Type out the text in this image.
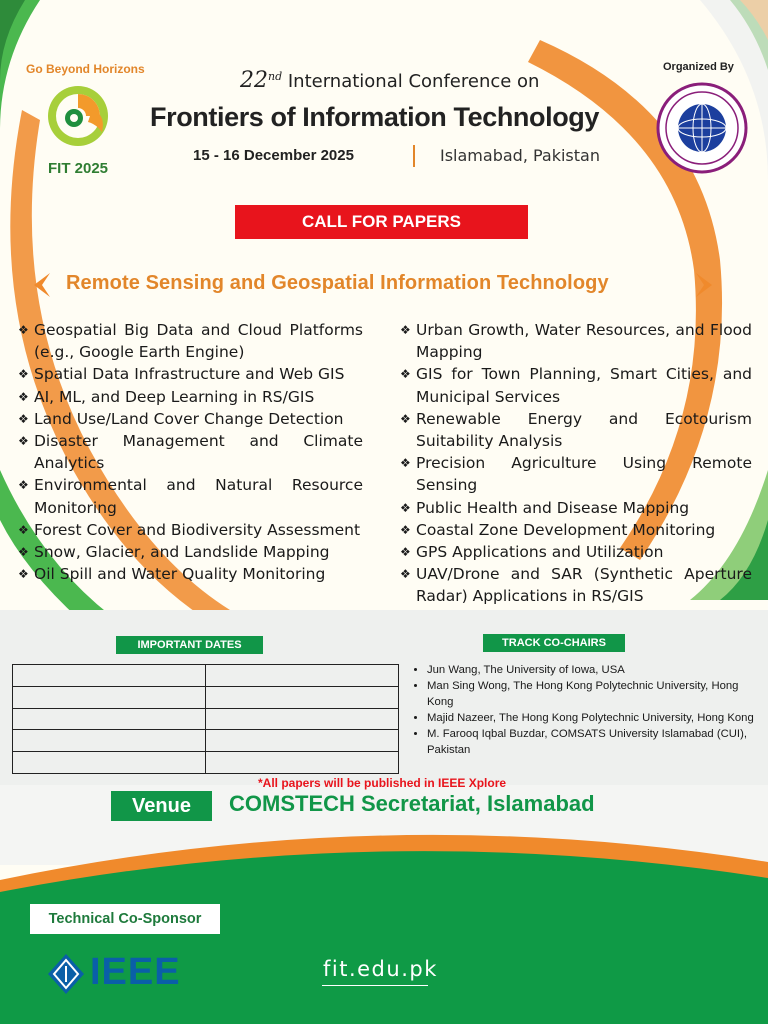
Go Beyond Horizons
FIT 2025
22nd International Conference on
Frontiers of Information Technology
15 - 16 December 2025	Islamabad, Pakistan
Organized By
CALL FOR PAPERS
Remote Sensing and Geospatial Information Technology
❖ Geospatial Big Data and Cloud Platforms (e.g., Google Earth Engine)
❖ Spatial Data Infrastructure and Web GIS
❖ AI, ML, and Deep Learning in RS/GIS
❖ Land Use/Land Cover Change Detection
❖ Disaster Management and Climate Analytics
❖ Environmental and Natural Resource Monitoring
❖ Forest Cover and Biodiversity Assessment
❖ Snow, Glacier, and Landslide Mapping
❖ Oil Spill and Water Quality Monitoring
❖ Urban Growth, Water Resources, and Flood Mapping
❖ GIS for Town Planning, Smart Cities, and Municipal Services
❖ Renewable Energy and Ecotourism Suitability Analysis
❖ Precision Agriculture Using Remote Sensing
❖ Public Health and Disease Mapping
❖ Coastal Zone Development Monitoring
❖ GPS Applications and Utilization
❖ UAV/Drone and SAR (Synthetic Aperture Radar) Applications in RS/GIS
IMPORTANT DATES	TRACK CO-CHAIRS

• Jun Wang, The University of Iowa, USA
• Man Sing Wong, The Hong Kong Polytechnic University, Hong Kong
• Majid Nazeer, The Hong Kong Polytechnic University, Hong Kong
• M. Farooq Iqbal Buzdar, COMSATS University Islamabad (CUI), Pakistan
*All papers will be published in IEEE Xplore
Venue	COMSTECH Secretariat, Islamabad
Technical Co-Sponsor
IEEE	fit.edu.pk
